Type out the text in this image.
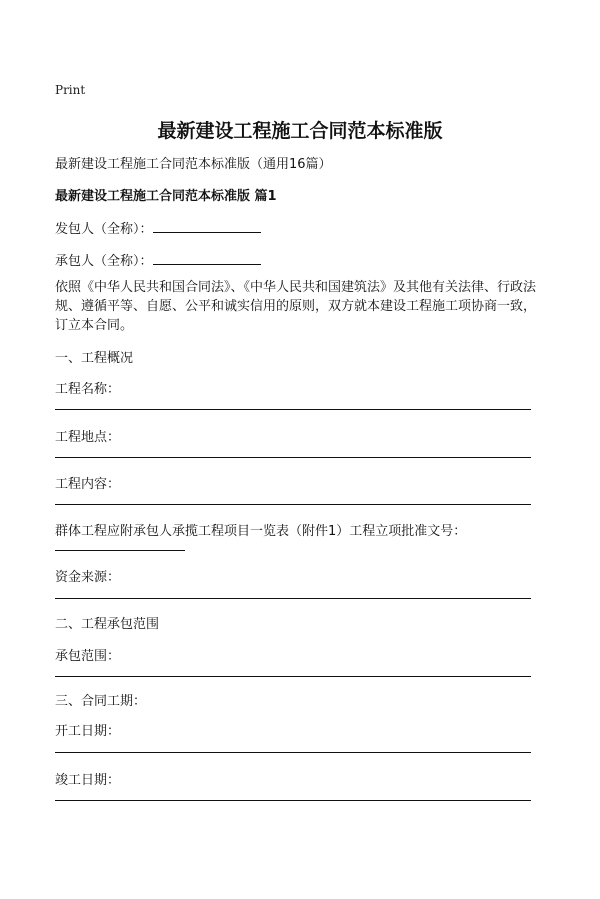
Print
最新建设工程施工合同范本标准版
最新建设工程施工合同范本标准版（通用16篇）
最新建设工程施工合同范本标准版 篇1
发包人（全称）：
承包人（全称）：
依照《中华人民共和国合同法》、《中华人民共和国建筑法》及其他有关法律、行政法规、遵循平等、自愿、公平和诚实信用的原则，双方就本建设工程施工项协商一致，订立本合同。
一、工程概况
工程名称：
工程地点：
工程内容：
群体工程应附承包人承揽工程项目一览表（附件1）工程立项批准文号：
资金来源：
二、工程承包范围
承包范围：
三、合同工期：
开工日期：
竣工日期：
